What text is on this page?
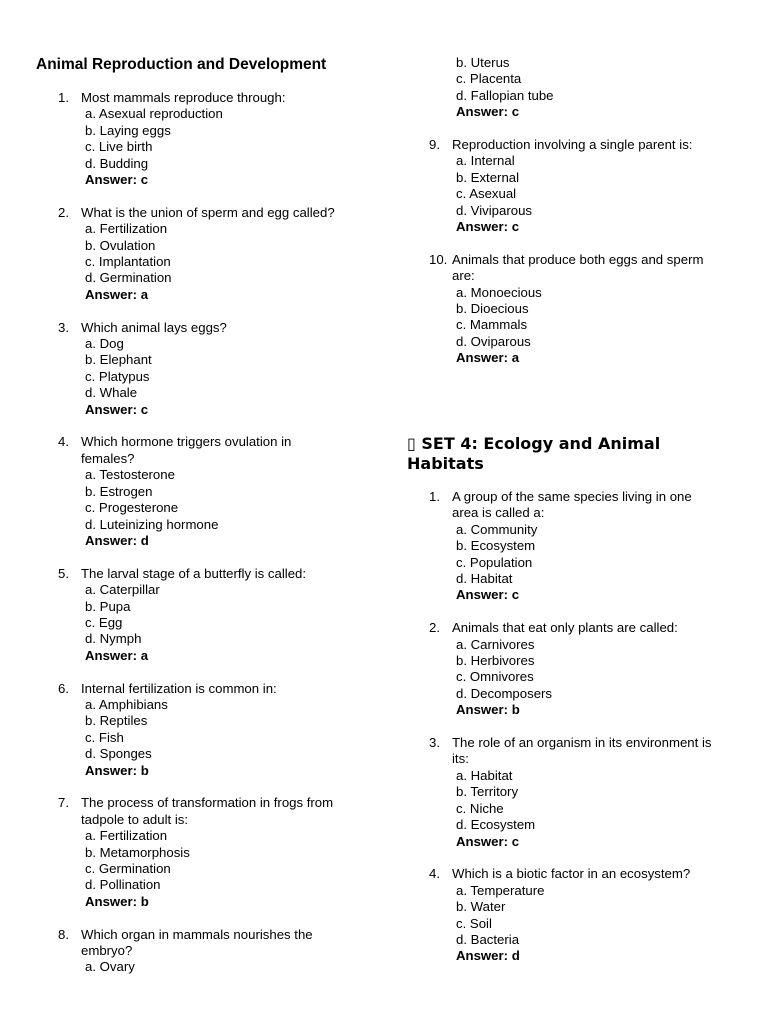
Animal Reproduction and Development
1. Most mammals reproduce through:
a. Asexual reproduction
b. Laying eggs
c. Live birth
d. Budding
Answer: c
2. What is the union of sperm and egg called?
a. Fertilization
b. Ovulation
c. Implantation
d. Germination
Answer: a
3. Which animal lays eggs?
a. Dog
b. Elephant
c. Platypus
d. Whale
Answer: c
4. Which hormone triggers ovulation in females?
a. Testosterone
b. Estrogen
c. Progesterone
d. Luteinizing hormone
Answer: d
5. The larval stage of a butterfly is called:
a. Caterpillar
b. Pupa
c. Egg
d. Nymph
Answer: a
6. Internal fertilization is common in:
a. Amphibians
b. Reptiles
c. Fish
d. Sponges
Answer: b
7. The process of transformation in frogs from tadpole to adult is:
a. Fertilization
b. Metamorphosis
c. Germination
d. Pollination
Answer: b
8. Which organ in mammals nourishes the embryo?
a. Ovary
b. Uterus
c. Placenta
d. Fallopian tube
Answer: c
9. Reproduction involving a single parent is:
a. Internal
b. External
c. Asexual
d. Viviparous
Answer: c
10. Animals that produce both eggs and sperm are:
a. Monoecious
b. Dioecious
c. Mammals
d. Oviparous
Answer: a
▯ SET 4: Ecology and Animal Habitats
1. A group of the same species living in one area is called a:
a. Community
b. Ecosystem
c. Population
d. Habitat
Answer: c
2. Animals that eat only plants are called:
a. Carnivores
b. Herbivores
c. Omnivores
d. Decomposers
Answer: b
3. The role of an organism in its environment is its:
a. Habitat
b. Territory
c. Niche
d. Ecosystem
Answer: c
4. Which is a biotic factor in an ecosystem?
a. Temperature
b. Water
c. Soil
d. Bacteria
Answer: d
